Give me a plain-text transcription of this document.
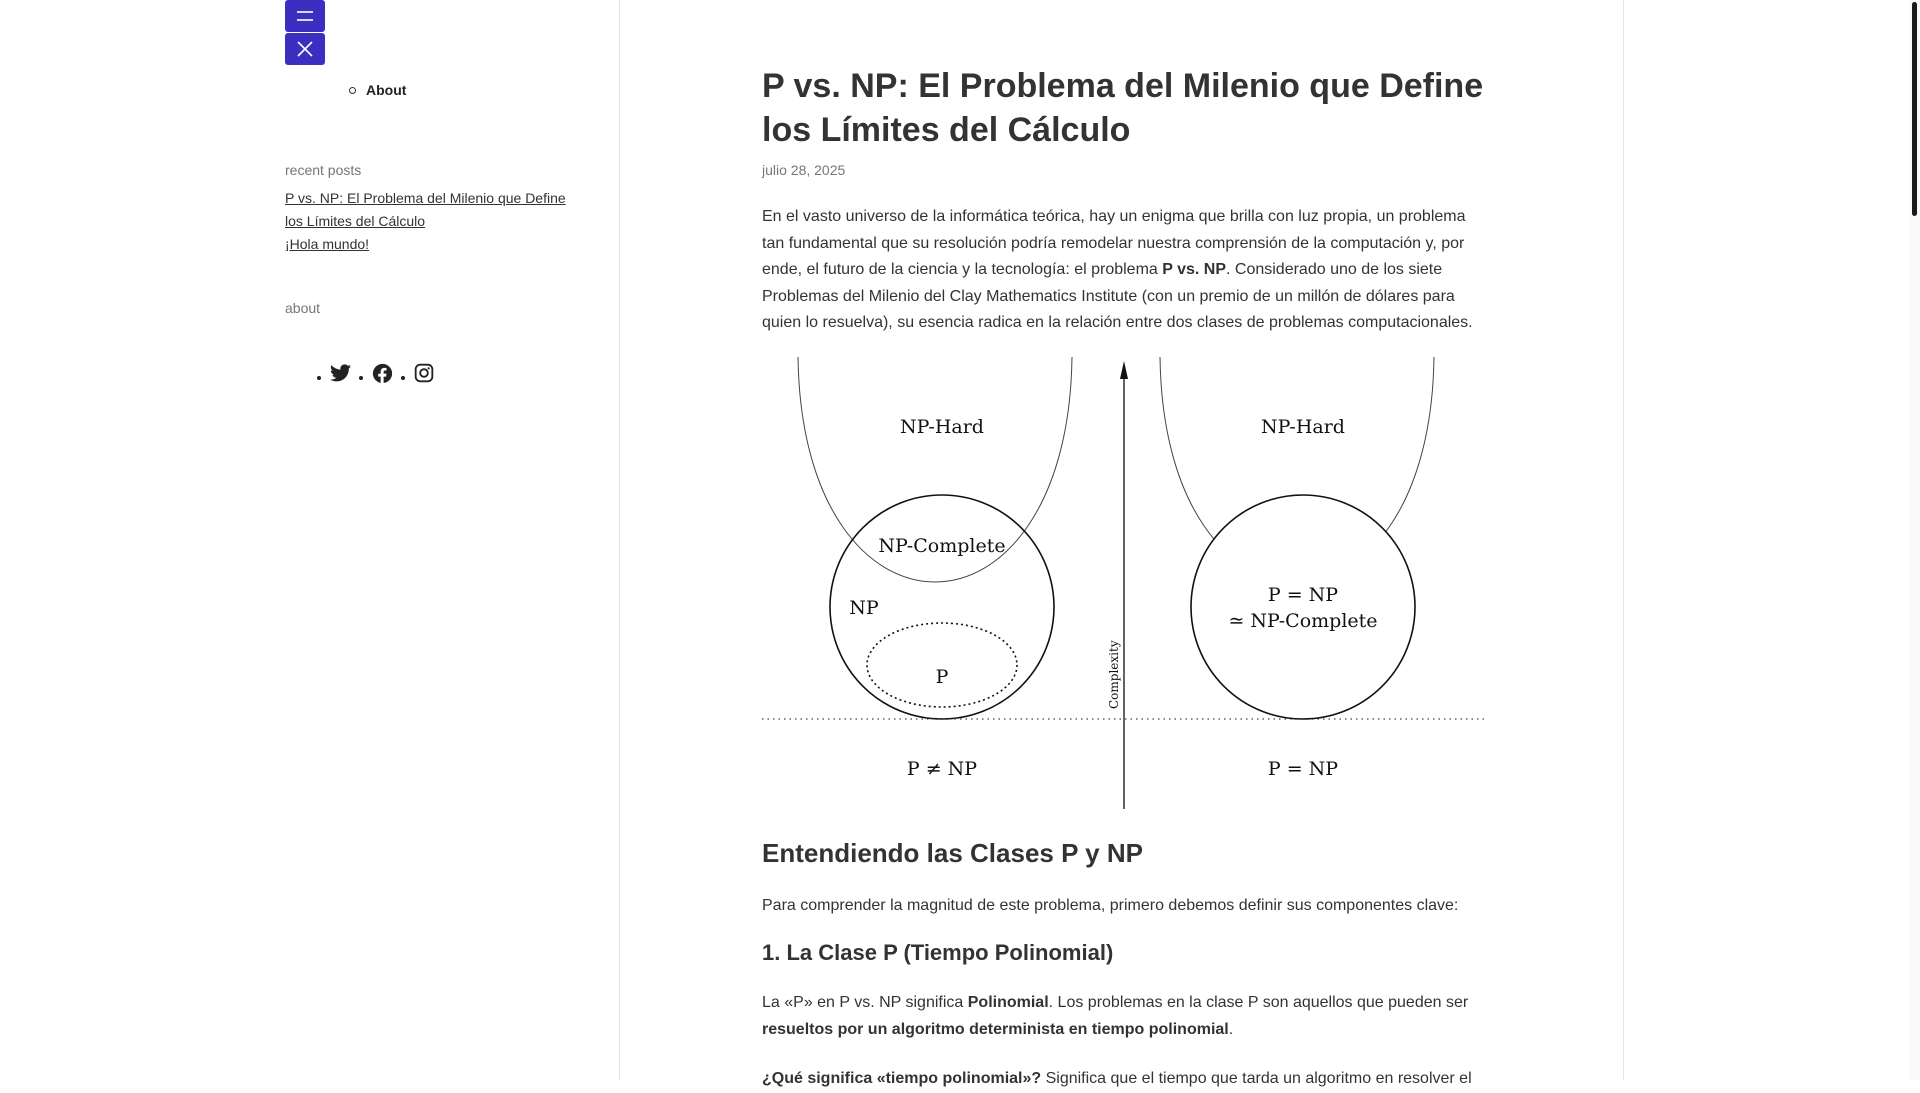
About
recent posts
P vs. NP: El Problema del Milenio que Define los Límites del Cálculo
¡Hola mundo!
about
P vs. NP: El Problema del Milenio que Define los Límites del Cálculo
julio 28, 2025

En el vasto universo de la informática teórica, hay un enigma que brilla con luz propia, un problema tan fundamental que su resolución podría remodelar nuestra comprensión de la computación y, por ende, el futuro de la ciencia y la tecnología: el problema P vs. NP. Considerado uno de los siete Problemas del Milenio del Clay Mathematics Institute (con un premio de un millón de dólares para quien lo resuelva), su esencia radica en la relación entre dos clases de problemas computacionales.

NP-Hard
NP-Complete
NP
P
P ≠ NP
Complexity
NP-Hard
P = NP
≃ NP-Complete
P = NP
Entendiendo las Clases P y NP

Para comprender la magnitud de este problema, primero debemos definir sus componentes clave:

1. La Clase P (Tiempo Polinomial)

La «P» en P vs. NP significa Polinomial. Los problemas en la clase P son aquellos que pueden ser resueltos por un algoritmo determinista en tiempo polinomial.

¿Qué significa «tiempo polinomial»? Significa que el tiempo que tarda un algoritmo en resolver el
